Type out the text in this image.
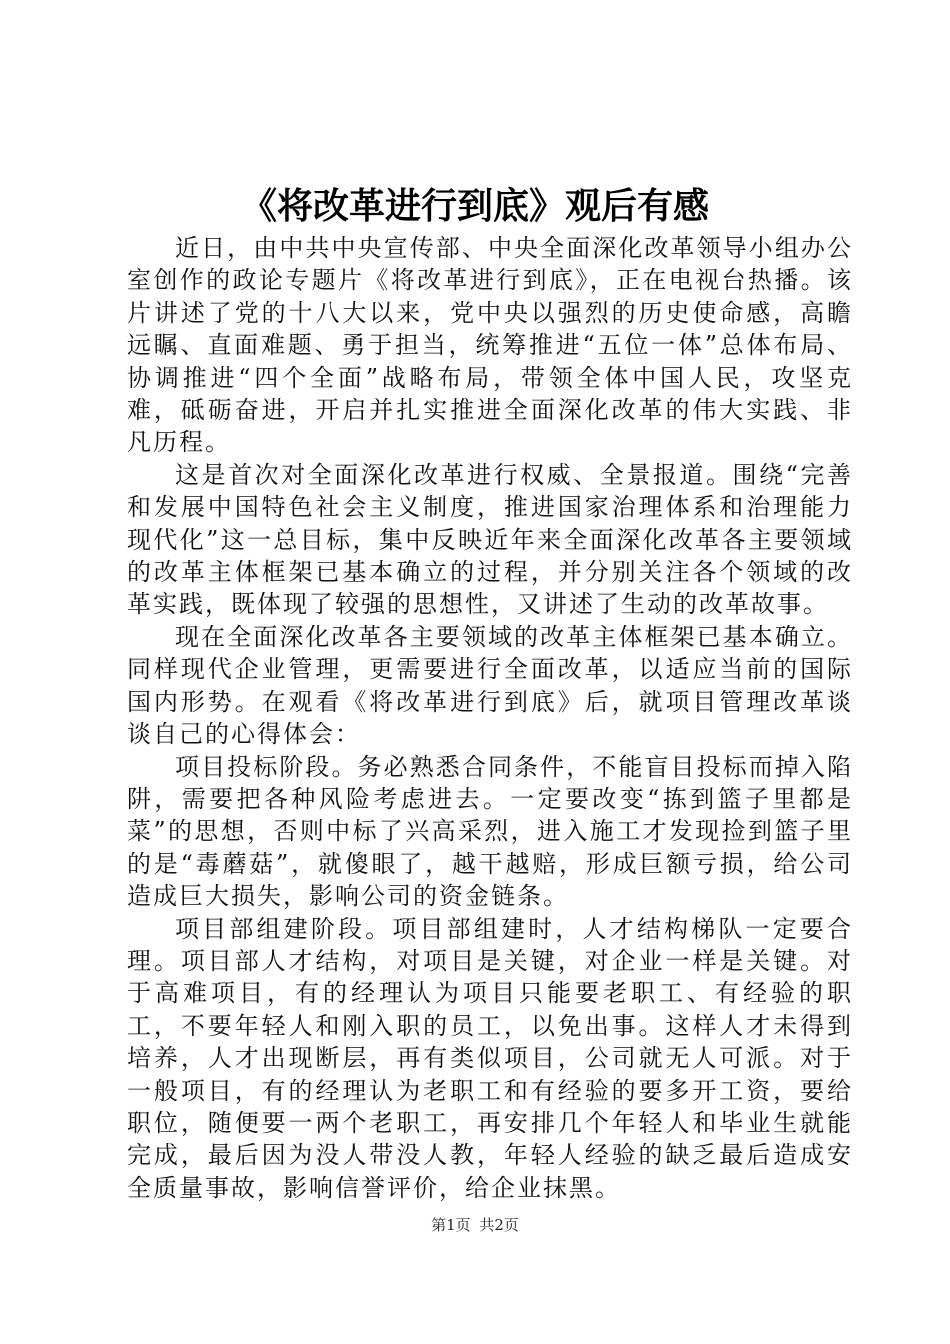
《将改革进行到底》观后有感

近日，由中共中央宣传部、中央全面深化改革领导小组办公室创作的政论专题片《将改革进行到底》，正在电视台热播。该片讲述了党的十八大以来，党中央以强烈的历史使命感，高瞻远瞩、直面难题、勇于担当，统筹推进“五位一体”总体布局、协调推进“四个全面”战略布局，带领全体中国人民，攻坚克难，砥砺奋进，开启并扎实推进全面深化改革的伟大实践、非凡历程。

这是首次对全面深化改革进行权威、全景报道。围绕“完善和发展中国特色社会主义制度，推进国家治理体系和治理能力现代化”这一总目标，集中反映近年来全面深化改革各主要领域的改革主体框架已基本确立的过程，并分别关注各个领域的改革实践，既体现了较强的思想性，又讲述了生动的改革故事。

现在全面深化改革各主要领域的改革主体框架已基本确立。同样现代企业管理，更需要进行全面改革，以适应当前的国际国内形势。在观看《将改革进行到底》后，就项目管理改革谈谈自己的心得体会：

项目投标阶段。务必熟悉合同条件，不能盲目投标而掉入陷阱，需要把各种风险考虑进去。一定要改变“拣到篮子里都是菜”的思想，否则中标了兴高采烈，进入施工才发现捡到篮子里的是“毒蘑菇”，就傻眼了，越干越赔，形成巨额亏损，给公司造成巨大损失，影响公司的资金链条。

项目部组建阶段。项目部组建时，人才结构梯队一定要合理。项目部人才结构，对项目是关键，对企业一样是关键。对于高难项目，有的经理认为项目只能要老职工、有经验的职工，不要年轻人和刚入职的员工，以免出事。这样人才未得到培养，人才出现断层，再有类似项目，公司就无人可派。对于一般项目，有的经理认为老职工和有经验的要多开工资，要给职位，随便要一两个老职工，再安排几个年轻人和毕业生就能完成，最后因为没人带没人教，年轻人经验的缺乏最后造成安全质量事故，影响信誉评价，给企业抹黑。

第1页 共2页
